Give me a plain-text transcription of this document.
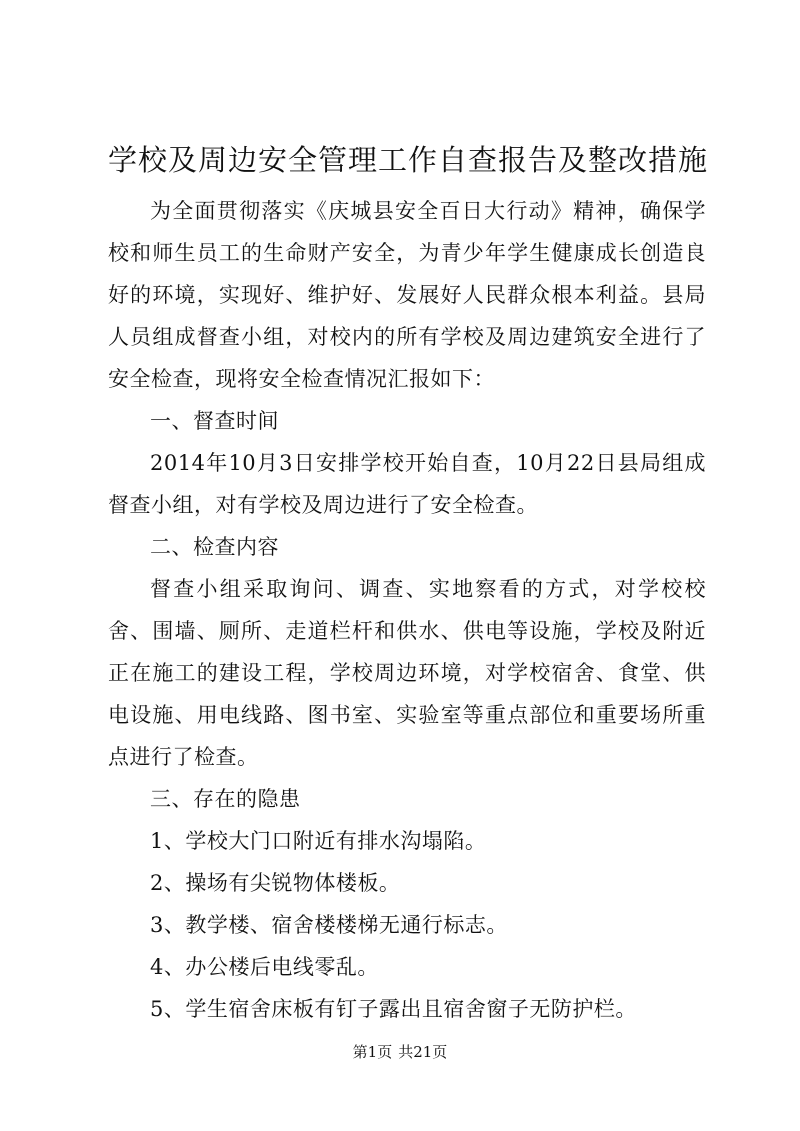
学校及周边安全管理工作自查报告及整改措施

为全面贯彻落实《庆城县安全百日大行动》精神，确保学校和师生员工的生命财产安全，为青少年学生健康成长创造良好的环境，实现好、维护好、发展好人民群众根本利益。县局人员组成督查小组，对校内的所有学校及周边建筑安全进行了安全检查，现将安全检查情况汇报如下：

一、督查时间

2014年10月3日安排学校开始自查，10月22日县局组成督查小组，对有学校及周边进行了安全检查。

二、检查内容

督查小组采取询问、调查、实地察看的方式，对学校校舍、围墙、厕所、走道栏杆和供水、供电等设施，学校及附近正在施工的建设工程，学校周边环境，对学校宿舍、食堂、供电设施、用电线路、图书室、实验室等重点部位和重要场所重点进行了检查。

三、存在的隐患

1、学校大门口附近有排水沟塌陷。

2、操场有尖锐物体楼板。

3、教学楼、宿舍楼楼梯无通行标志。

4、办公楼后电线零乱。

5、学生宿舍床板有钉子露出且宿舍窗子无防护栏。

第1页 共21页
